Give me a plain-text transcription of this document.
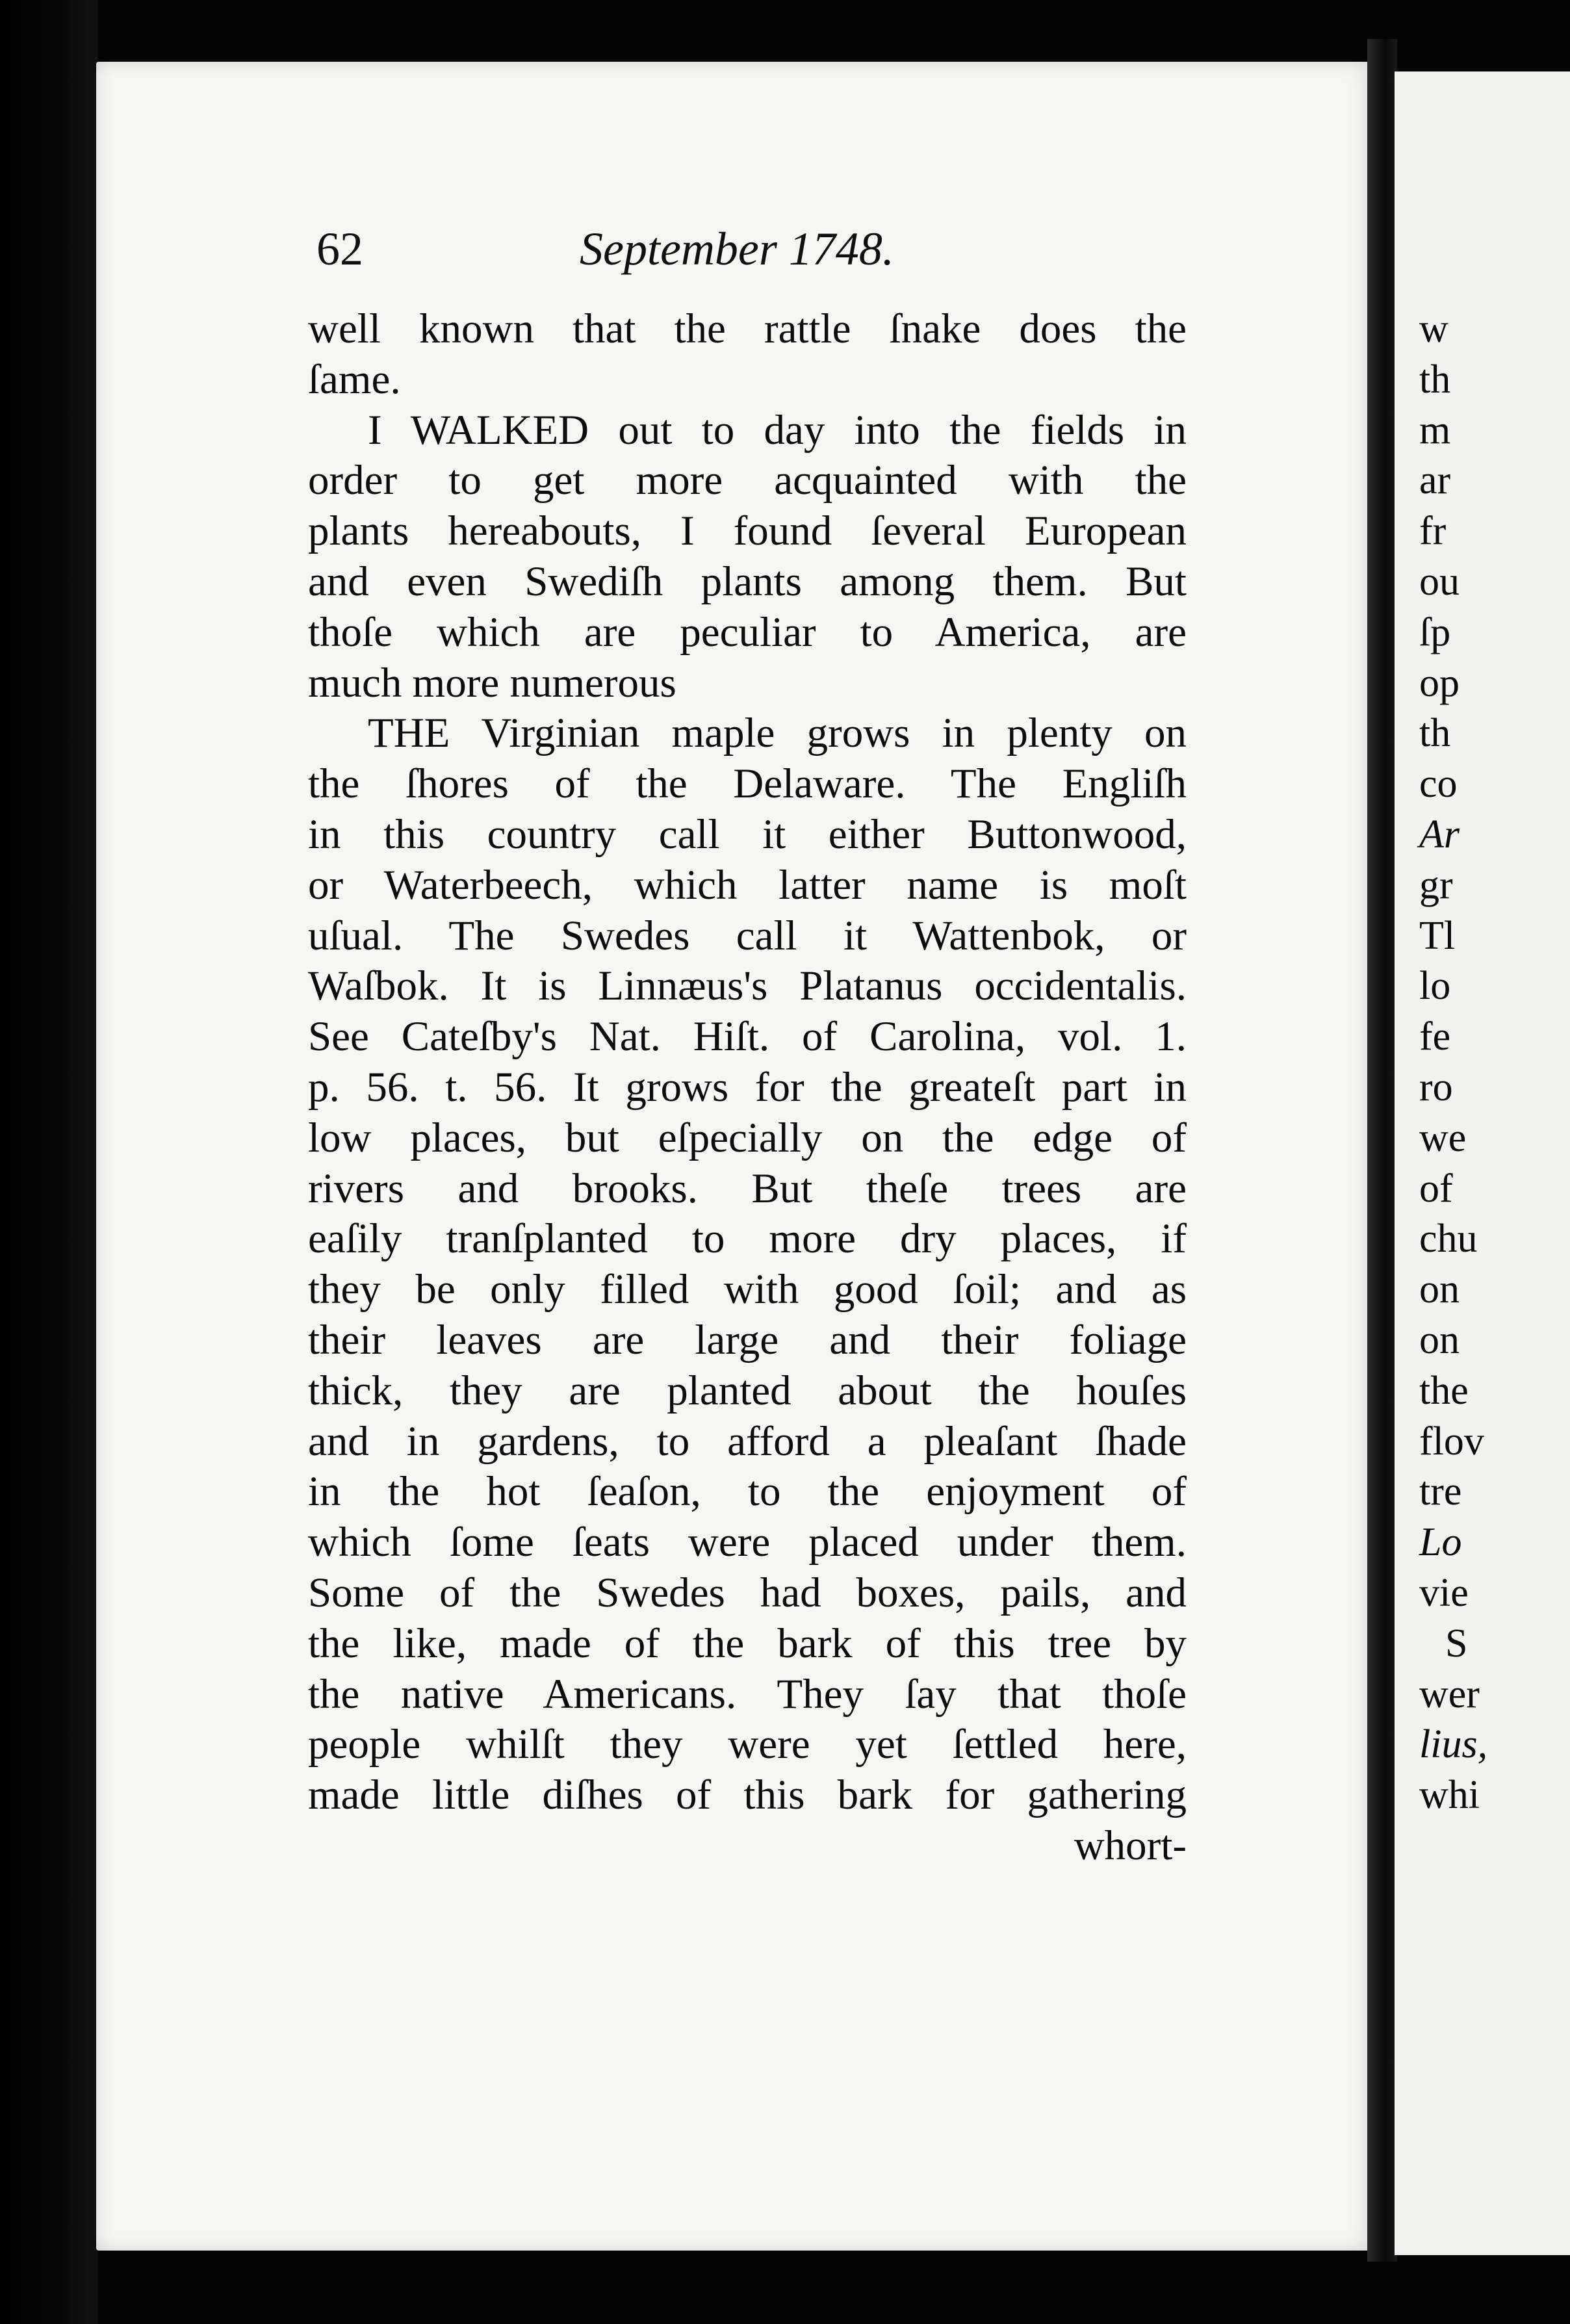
w
th
m
ar
fr
ou
ſp
op
th
co
Ar
gr
Tl
lo
fe
ro
we
of
chu
on
on
the
flov
tre
Lo
vie
S
wer
lius,
whi
62	September 1748.
well known that the rattle ſnake does the
ſame.
I WALKED out to day into the fields in
order to get more acquainted with the
plants hereabouts, I found ſeveral European
and even Swediſh plants among them. But
thoſe which are peculiar to America, are
much more numerous
THE Virginian maple grows in plenty on
the ſhores of the Delaware. The Engliſh
in this country call it either Buttonwood,
or Waterbeech, which latter name is moſt
uſual. The Swedes call it Wattenbok, or
Waſbok. It is Linnæus's Platanus occidentalis.
See Cateſby's Nat. Hiſt. of Carolina, vol. 1.
p. 56. t. 56. It grows for the greateſt part in
low places, but eſpecially on the edge of
rivers and brooks. But theſe trees are
eaſily tranſplanted to more dry places, if
they be only filled with good ſoil; and as
their leaves are large and their foliage
thick, they are planted about the houſes
and in gardens, to afford a pleaſant ſhade
in the hot ſeaſon, to the enjoyment of
which ſome ſeats were placed under them.
Some of the Swedes had boxes, pails, and
the like, made of the bark of this tree by
the native Americans. They ſay that thoſe
people whilſt they were yet ſettled here,
made little diſhes of this bark for gathering
whort-
